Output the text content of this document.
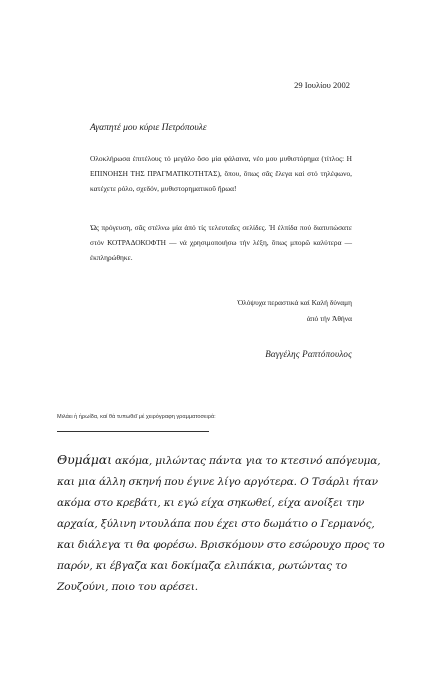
29 Ιουλίου 2002
Αγαπητέ μου κύριε Πετρόπουλε
Ολοκλήρωσα ἐπιτέλους τό μεγάλο ὅσο μία φάλαινα, νέο μου μυθιστόρημα (τίτλος: Η ΕΠΙΝΟΗΣΗ ΤΗΣ ΠΡΑΓΜΑΤΙΚΟΤΗΤΑΣ), ὅπου, ὅπως σᾶς ἔλεγα καί στό τηλέφωνο, κατέχετε ρόλο, σχεδόν, μυθιστορηματικοῦ ἥρωα!
Ὡς πρόγευση, σᾶς στέλνω μία ἀπό τίς τελευταῖες σελίδες. Ἡ ἐλπίδα πού διατυπώσατε στόν ΚΟΤΡΑΔΟΚΟΦΤΗ — νά χρησιμοποιήσω τήν λέξη, ὅπως μπορῶ καλύτερα — ἐκπληρώθηκε.
Ὁλόψυχα περαστικά καί Καλή δύναμη
ἀπό τήν Ἀθήνα
Βαγγέλης Ραπτόπουλος
Μιλάει ἡ ἡρωίδα, καί θά τυπωθεῖ μέ χειρόγραφη γραμματοσειρά:
Θυμάμαι ακόμα, μιλώντας πάντα για το κτεσινό απόγευμα, και μια άλλη σκηνή που έγινε λίγο αργότερα. Ο Τσάρλι ήταν ακόμα στο κρεβάτι, κι εγώ είχα σηκωθεί, είχα ανοίξει την αρχαία, ξύλινη ντουλάπα που έχει στο δωμάτιο ο Γερμανός, και διάλεγα τι θα φορέσω. Βρισκόμουν στο εσώρουχο προς το παρόν, κι έβγαζα και δοκίμαζα ελιπάκια, ρωτώντας το Ζουζούνι, ποιο του αρέσει.
